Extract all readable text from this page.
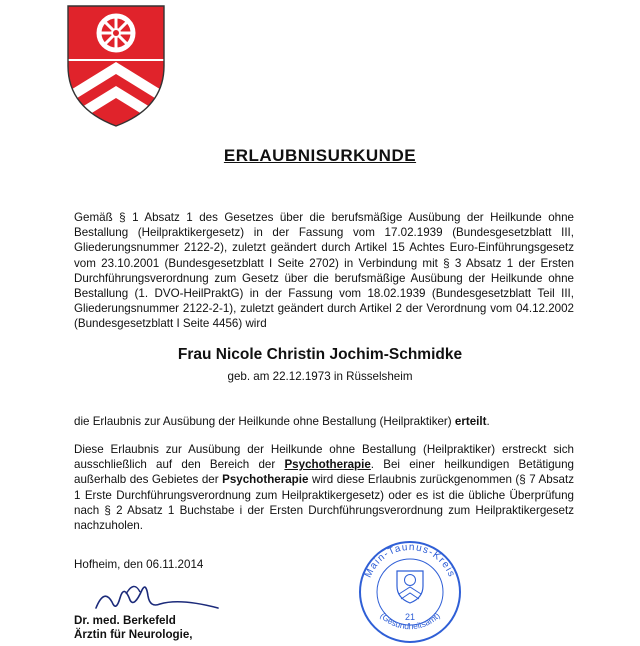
ERLAUBNISURKUNDE

Gemäß § 1 Absatz 1 des Gesetzes über die berufsmäßige Ausübung der Heilkunde ohne Bestallung (Heilpraktikergesetz) in der Fassung vom 17.02.1939 (Bundesgesetzblatt III, Gliederungsnummer 2122-2), zuletzt geändert durch Artikel 15 Achtes Euro-Einführungsgesetz vom 23.10.2001 (Bundesgesetzblatt I Seite 2702) in Verbindung mit § 3 Absatz 1 der Ersten Durchführungsverordnung zum Gesetz über die berufsmäßige Ausübung der Heilkunde ohne Bestallung (1. DVO-HeilPraktG) in der Fassung vom 18.02.1939 (Bundesgesetzblatt Teil III, Gliederungsnummer 2122-2-1), zuletzt geändert durch Artikel 2 der Verordnung vom 04.12.2002 (Bundesgesetzblatt I Seite 4456) wird

Frau Nicole Christin Jochim-Schmidke
geb. am 22.12.1973 in Rüsselsheim

die Erlaubnis zur Ausübung der Heilkunde ohne Bestallung (Heilpraktiker) erteilt.

Diese Erlaubnis zur Ausübung der Heilkunde ohne Bestallung (Heilpraktiker) erstreckt sich ausschließlich auf den Bereich der Psychotherapie. Bei einer heilkundigen Betätigung außerhalb des Gebietes der Psychotherapie wird diese Erlaubnis zurückgenommen (§ 7 Absatz 1 Erste Durchführungsverordnung zum Heilpraktikergesetz) oder es ist die übliche Überprüfung nach § 2 Absatz 1 Buchstabe i der Ersten Durchführungsverordnung zum Heilpraktikergesetz nachzuholen.

Hofheim, den 06.11.2014
Dr. med. Berkefeld
Ärztin für Neurologie,
Main-Taunus-Kreis
(Gesundheitsamt)
21
